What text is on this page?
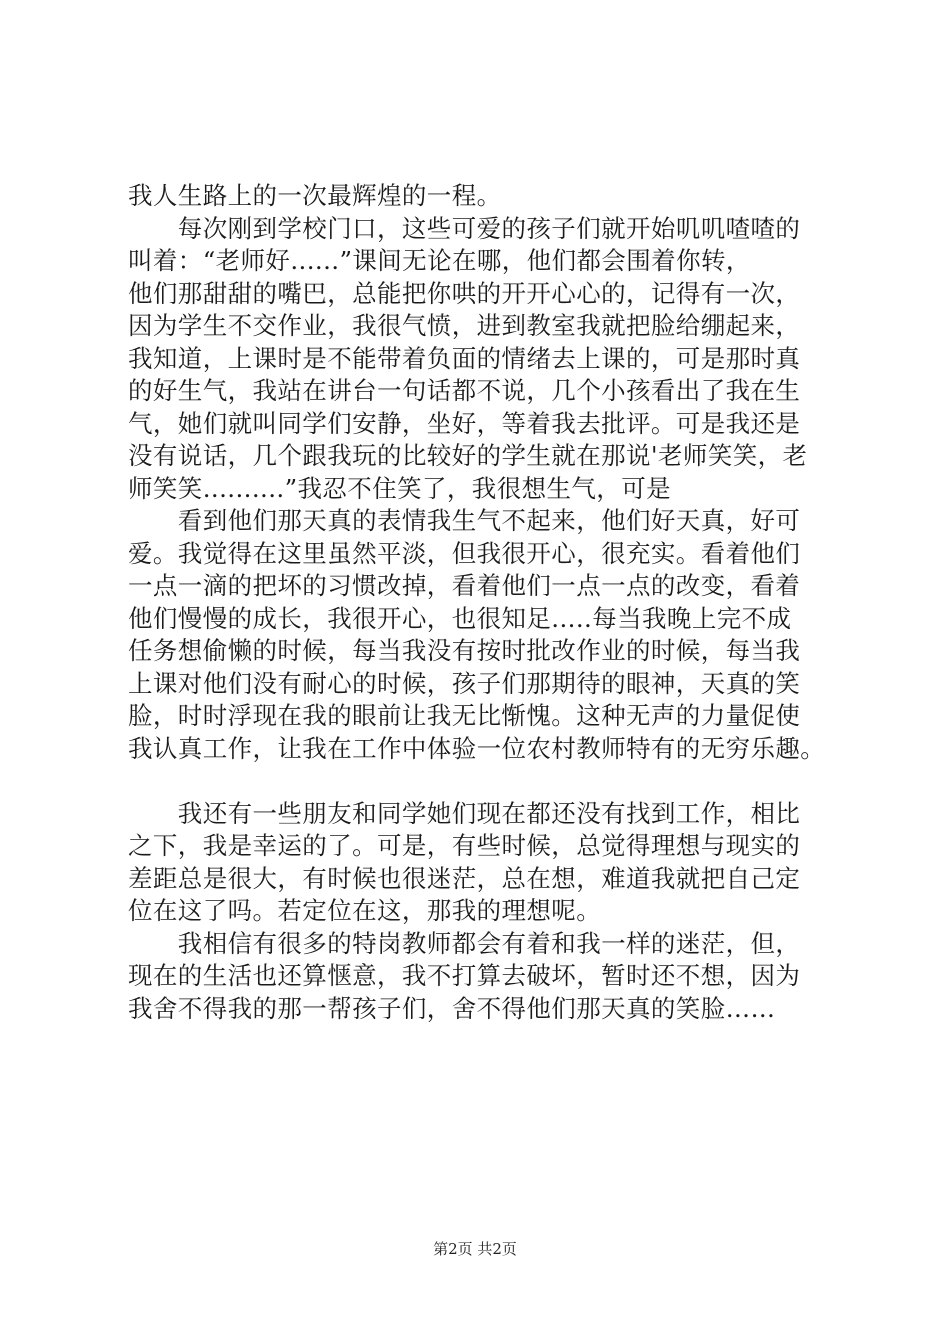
我人生路上的一次最辉煌的一程。

　　每次刚到学校门口，这些可爱的孩子们就开始叽叽喳喳的

叫着：“老师好......”课间无论在哪，他们都会围着你转，

他们那甜甜的嘴巴，总能把你哄的开开心心的，记得有一次，

因为学生不交作业，我很气愤，进到教室我就把脸给绷起来，

我知道，上课时是不能带着负面的情绪去上课的，可是那时真

的好生气，我站在讲台一句话都不说，几个小孩看出了我在生

气，她们就叫同学们安静，坐好，等着我去批评。可是我还是

没有说话，几个跟我玩的比较好的学生就在那说'老师笑笑，老

师笑笑..........”我忍不住笑了，我很想生气，可是

　　看到他们那天真的表情我生气不起来，他们好天真，好可

爱。我觉得在这里虽然平淡，但我很开心，很充实。看着他们

一点一滴的把坏的习惯改掉，看着他们一点一点的改变，看着

他们慢慢的成长，我很开心，也很知足.....每当我晚上完不成

任务想偷懒的时候，每当我没有按时批改作业的时候，每当我

上课对他们没有耐心的时候，孩子们那期待的眼神，天真的笑

脸，时时浮现在我的眼前让我无比惭愧。这种无声的力量促使

我认真工作，让我在工作中体验一位农村教师特有的无穷乐趣。

　　我还有一些朋友和同学她们现在都还没有找到工作，相比

之下，我是幸运的了。可是，有些时候，总觉得理想与现实的

差距总是很大，有时候也很迷茫，总在想，难道我就把自己定

位在这了吗。若定位在这，那我的理想呢。

　　我相信有很多的特岗教师都会有着和我一样的迷茫，但，

现在的生活也还算惬意，我不打算去破坏，暂时还不想，因为

我舍不得我的那一帮孩子们，舍不得他们那天真的笑脸……

第2页 共2页
